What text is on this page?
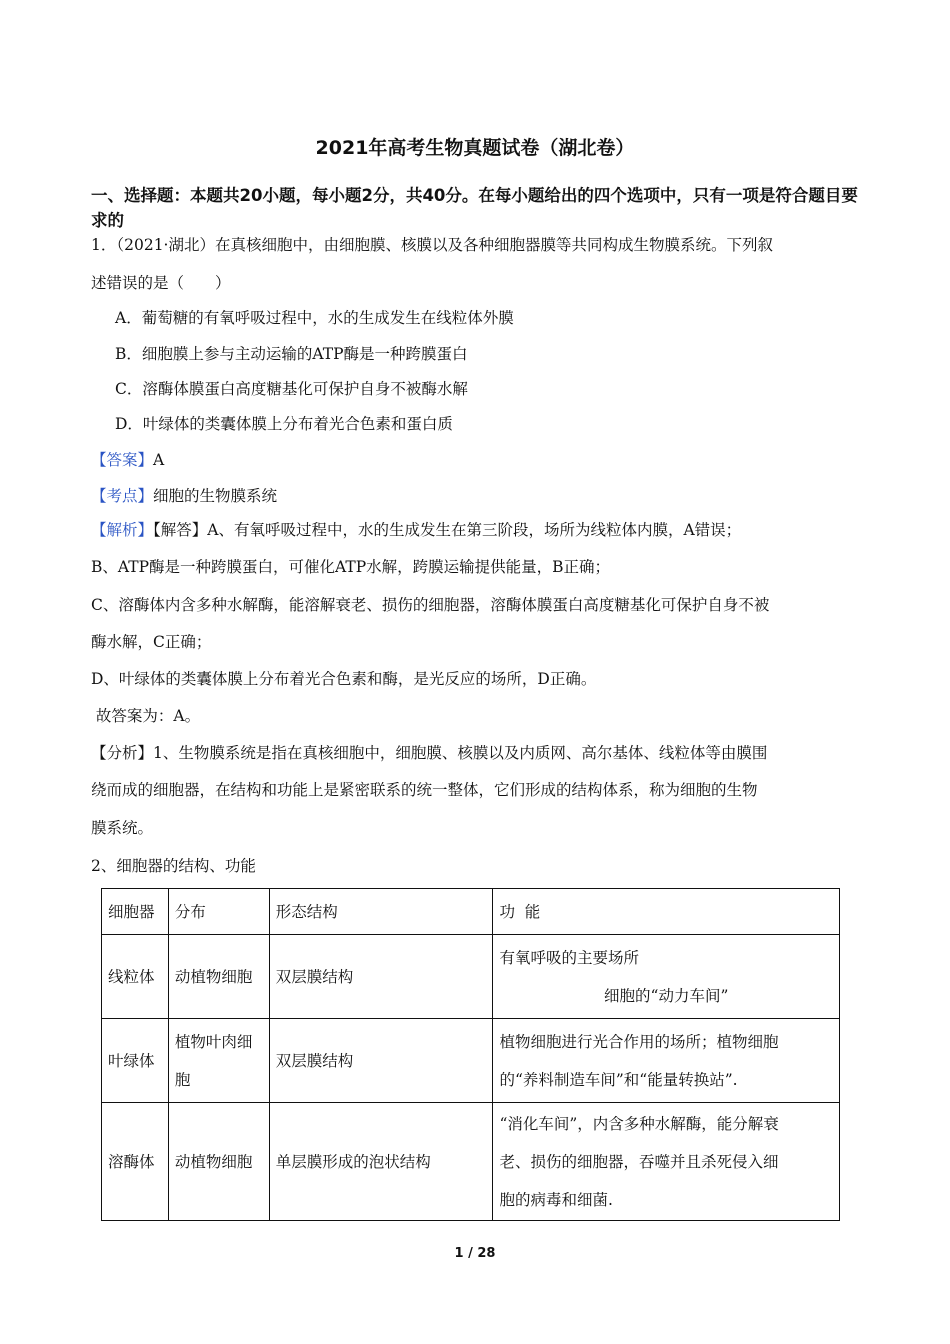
2021年高考生物真题试卷（湖北卷）
一、选择题：本题共20小题，每小题2分，共40分。在每小题给出的四个选项中，只有一项是符合题目要求的
1．（2021·湖北）在真核细胞中，由细胞膜、核膜以及各种细胞器膜等共同构成生物膜系统。下列叙
述错误的是（　　）
A．葡萄糖的有氧呼吸过程中，水的生成发生在线粒体外膜
B．细胞膜上参与主动运输的ATP酶是一种跨膜蛋白
C．溶酶体膜蛋白高度糖基化可保护自身不被酶水解
D．叶绿体的类囊体膜上分布着光合色素和蛋白质
【答案】A
【考点】细胞的生物膜系统
【解析】【解答】A、有氧呼吸过程中，水的生成发生在第三阶段，场所为线粒体内膜，A错误；
B、ATP酶是一种跨膜蛋白，可催化ATP水解，跨膜运输提供能量，B正确；
C、溶酶体内含多种水解酶，能溶解衰老、损伤的细胞器，溶酶体膜蛋白高度糖基化可保护自身不被
酶水解，C正确；
D、叶绿体的类囊体膜上分布着光合色素和酶，是光反应的场所，D正确。
故答案为：A。
【分析】1、生物膜系统是指在真核细胞中，细胞膜、核膜以及内质网、高尔基体、线粒体等由膜围
绕而成的细胞器，在结构和功能上是紧密联系的统一整体，它们形成的结构体系，称为细胞的生物
膜系统。
2、细胞器的结构、功能
细胞器	分布	形态结构	功  能
线粒体	动植物细胞	双层膜结构	有氧呼吸的主要场所
细胞的“动力车间”

叶绿体	植物叶肉细
胞	双层膜结构	植物细胞进行光合作用的场所；植物细胞
的“养料制造车间”和“能量转换站”.

溶酶体	动植物细胞	单层膜形成的泡状结构	“消化车间”，内含多种水解酶，能分解衰
老、损伤的细胞器，吞噬并且杀死侵入细
胞的病毒和细菌.
1 / 28
